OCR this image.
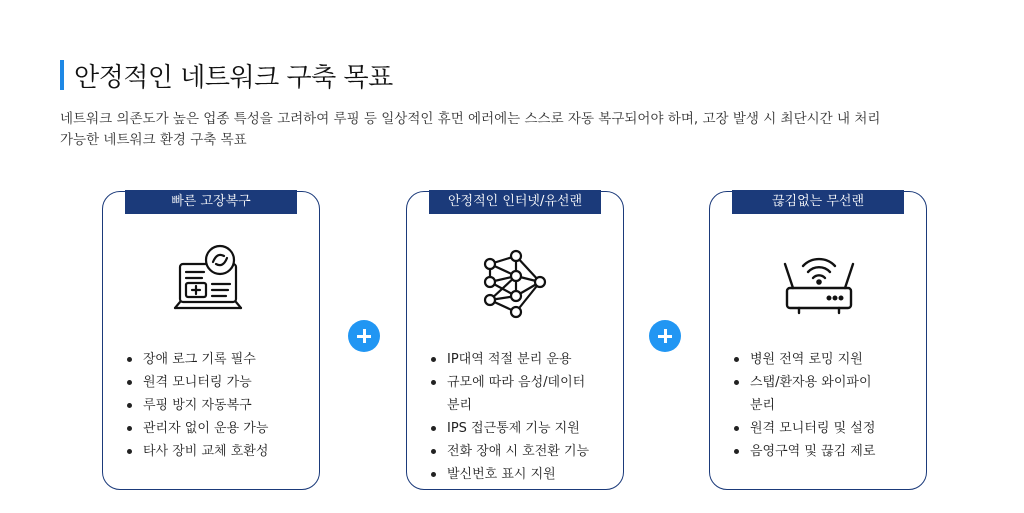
안정적인 네트워크 구축 목표
네트워크 의존도가 높은 업종 특성을 고려하여 루핑 등 일상적인 휴먼 에러에는 스스로 자동 복구되어야 하며, 고장 발생 시 최단시간 내 처리
가능한 네트워크 환경 구축 목표
빠른 고장복구
장애 로그 기록 필수
원격 모니터링 가능
루핑 방지 자동복구
관리자 없이 운용 가능
타사 장비 교체 호환성
안정적인 인터넷/유선랜
IP대역 적절 분리 운용
규모에 따라 음성/데이터
분리
IPS 접근통제 기능 지원
전화 장애 시 호전환 기능
발신번호 표시 지원
끊김없는 무선랜
병원 전역 로밍 지원
스탭/환자용 와이파이
분리
원격 모니터링 및 설정
음영구역 및 끊김 제로
